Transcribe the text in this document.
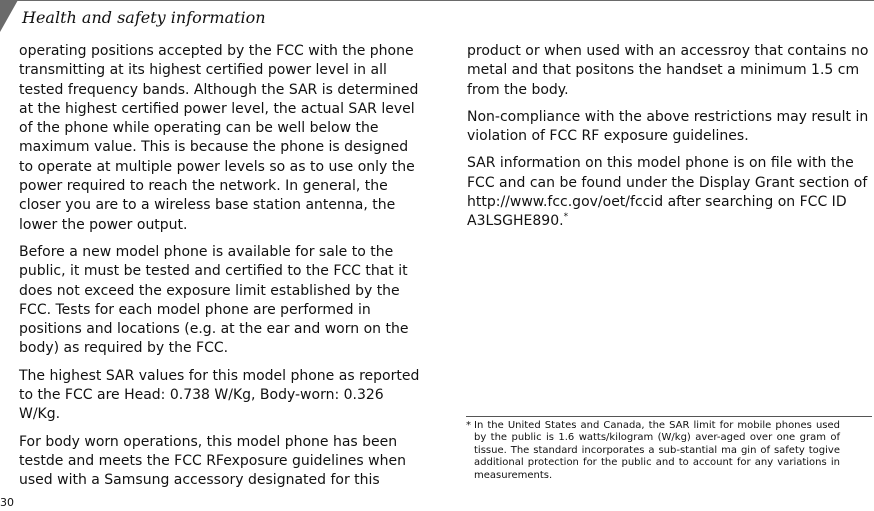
Health and safety information

operating positions accepted by the FCC with the phone transmitting at its highest certified power level in all tested frequency bands. Although the SAR is determined at the highest certified power level, the actual SAR level of the phone while operating can be well below the maximum value. This is because the phone is designed to operate at multiple power levels so as to use only the power required to reach the network. In general, the closer you are to a wireless base station antenna, the lower the power output.

Before a new model phone is available for sale to the public, it must be tested and certified to the FCC that it does not exceed the exposure limit established by the FCC. Tests for each model phone are performed in positions and locations (e.g. at the ear and worn on the body) as required by the FCC.

The highest SAR values for this model phone as reported to the FCC are Head: 0.738 W/Kg, Body-worn: 0.326 W/Kg.

For body worn operations, this model phone has been testde and meets the FCC RFexposure guidelines when used with a Samsung accessory designated for this

product or when used with an accessroy that contains no metal and that positons the handset a minimum 1.5 cm from the body.

Non-compliance with the above restrictions may result in violation of FCC RF exposure guidelines.

SAR information on this model phone is on file with the FCC and can be found under the Display Grant section of http://www.fcc.gov/oet/fccid after searching on FCC ID A3LSGHE890.*

* In the United States and Canada, the SAR limit for mobile phones used by the public is 1.6 watts/kilogram (W/kg) aver-aged over one gram of tissue. The standard incorporates a sub-stantial ma gin of safety togive additional protection for the public and to account for any variations in measurements.
30
